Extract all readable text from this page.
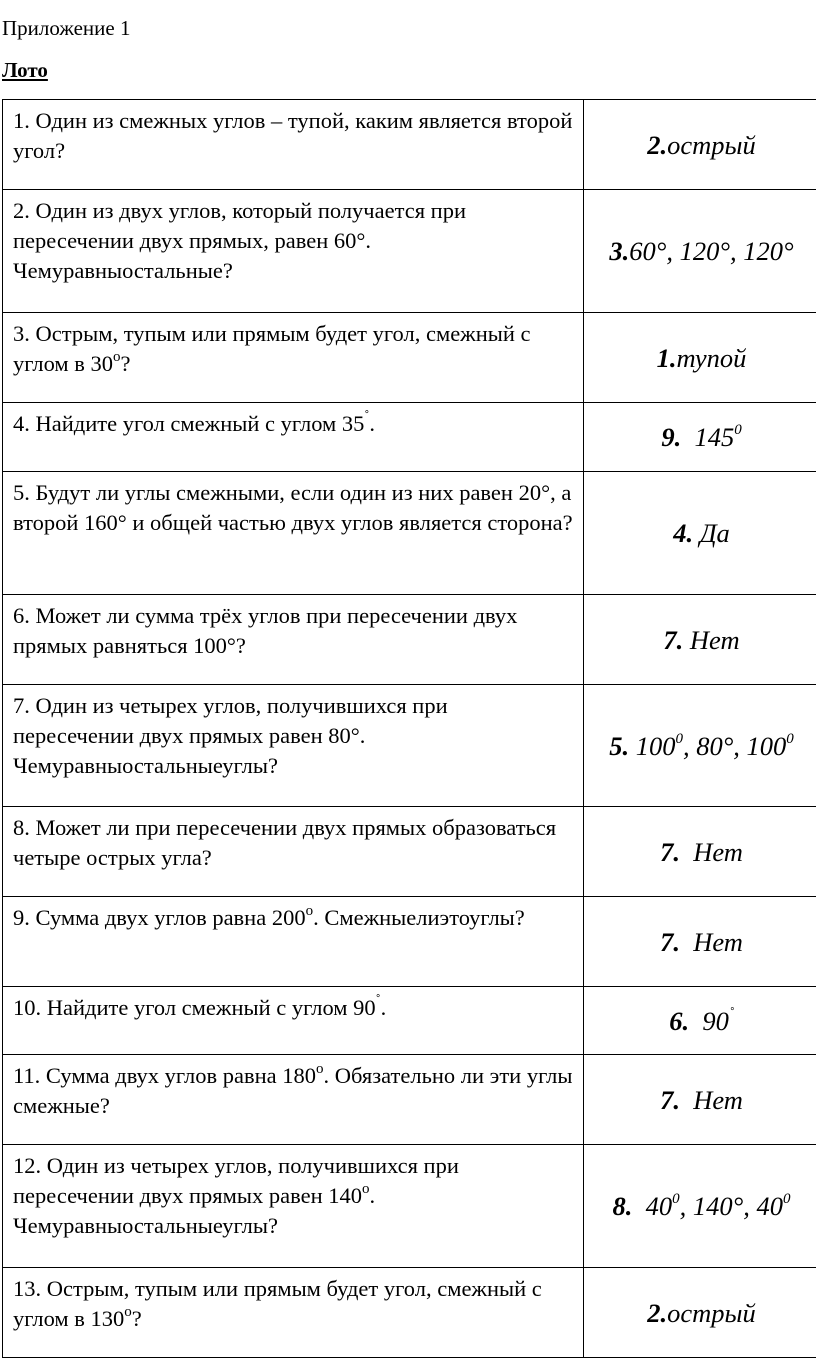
Приложение 1

Лото

1. Один из смежных углов – тупой, каким является второй угол?	2.острый
2. Один из двух углов, который получается при пересечении двух прямых, равен 60°. Чемуравныостальные?	3.60°, 120°, 120°
3. Острым, тупым или прямым будет угол, смежный с углом в $30^о$?	1.тупой
4. Найдите угол смежный с углом 35˚.	9. $145^0$
5. Будут ли углы смежными, если один из них равен 20°, а второй 160° и общей частью двух углов является сторона?	4. Да
6. Может ли сумма трёх углов при пересечении двух прямых равняться 100°?	7. Нет
7. Один из четырех углов, получившихся при пересечении двух прямых равен 80°. Чемуравныостальныеуглы?	5. $100^0$, 80°, $100^0$
8. Может ли при пересечении двух прямых образоваться четыре острых угла?	7. Нет
9. Сумма двух углов равна $200^о$. Смежныелиэтоуглы?	7. Нет
10. Найдите угол смежный с углом 90˚.	6. 90˚
11. Сумма двух углов равна $180^о$. Обязательно ли эти углы смежные?	7. Нет
12. Один из четырех углов, получившихся при пересечении двух прямых равен $140^о$. Чемуравныостальныеуглы?	8. $40^0$, 140°, $40^0$
13. Острым, тупым или прямым будет угол, смежный с углом в $130^о$?	2.острый
